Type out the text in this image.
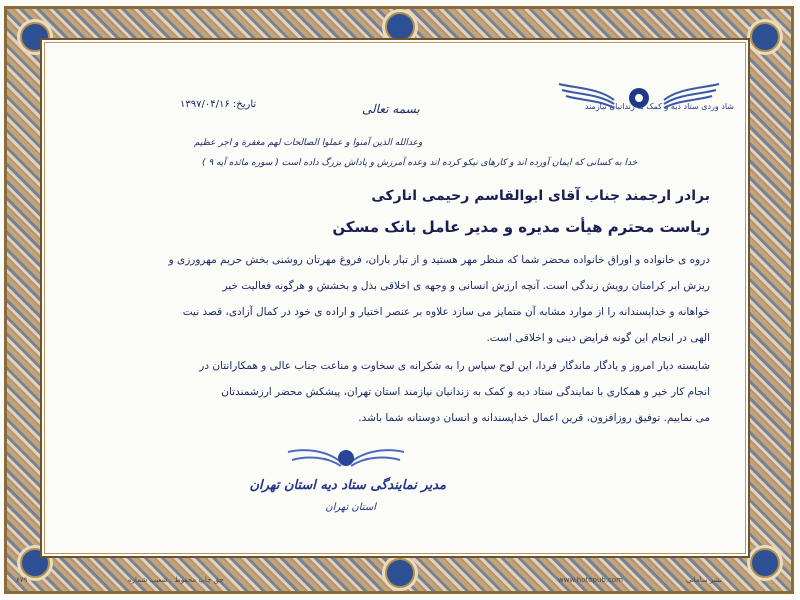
شاد وردی ستاد دیه و کمک به زندانیان نیازمند
بسمه تعالی
تاریخ: ۱۳۹۷/۰۴/۱۶
وعدالله الذین آمنوا و عملوا الصالحات لهم مغفرة و اجر عظیم
خدا به کسانی که ایمان آورده اند و کارهای نیکو کرده اند وعده آمرزش و پاداش بزرگ داده است ( سوره مائده آیه ۹ )
برادر ارجمند جناب آقای ابوالقاسم رحیمی انارکی
ریاست محترم هیأت مدیره و مدیر عامل بانک مسکن
دروه ی خانواده و اوراق خانواده محضر شما که منظر مهر هستید و از تبار باران، فروغ مهرتان روشنی بخش حریم مهرورزی و
ریزش ابر کرامتان رویش زندگی است. آنچه ارزش انسانی و وجهه ی اخلاقی بذل و بخشش و هرگونه فعالیت خیر
خواهانه و خداپسندانه را از موارد مشابه آن متمایز می سازد علاوه بر عنصر اختیار و اراده ی خود در کمال آزادی، قصد نیت
الهی در انجام این گونه فرایض دینی و اخلاقی است.
شایسته دیار امروز و یادگار ماندگار فردا، این لوح سپاس را به شکرانه ی سخاوت و مناعت جناب عالی و همکارانتان در
انجام کار خیر و همکاری با نمایندگی ستاد دیه و کمک به زندانیان نیازمند استان تهران، پیشکش محضر ارزشمندتان
می نماییم. توفیق روزافزون، قرین اعمال خداپسندانه و انسان دوستانه شما باشد.
مدیر نمایندگی ستاد دیه استان تهران
استان تهران
۶۷۹	حق چاپ محفوظ . شعیب شماره	www.hotopub.com	نشر سامانی
